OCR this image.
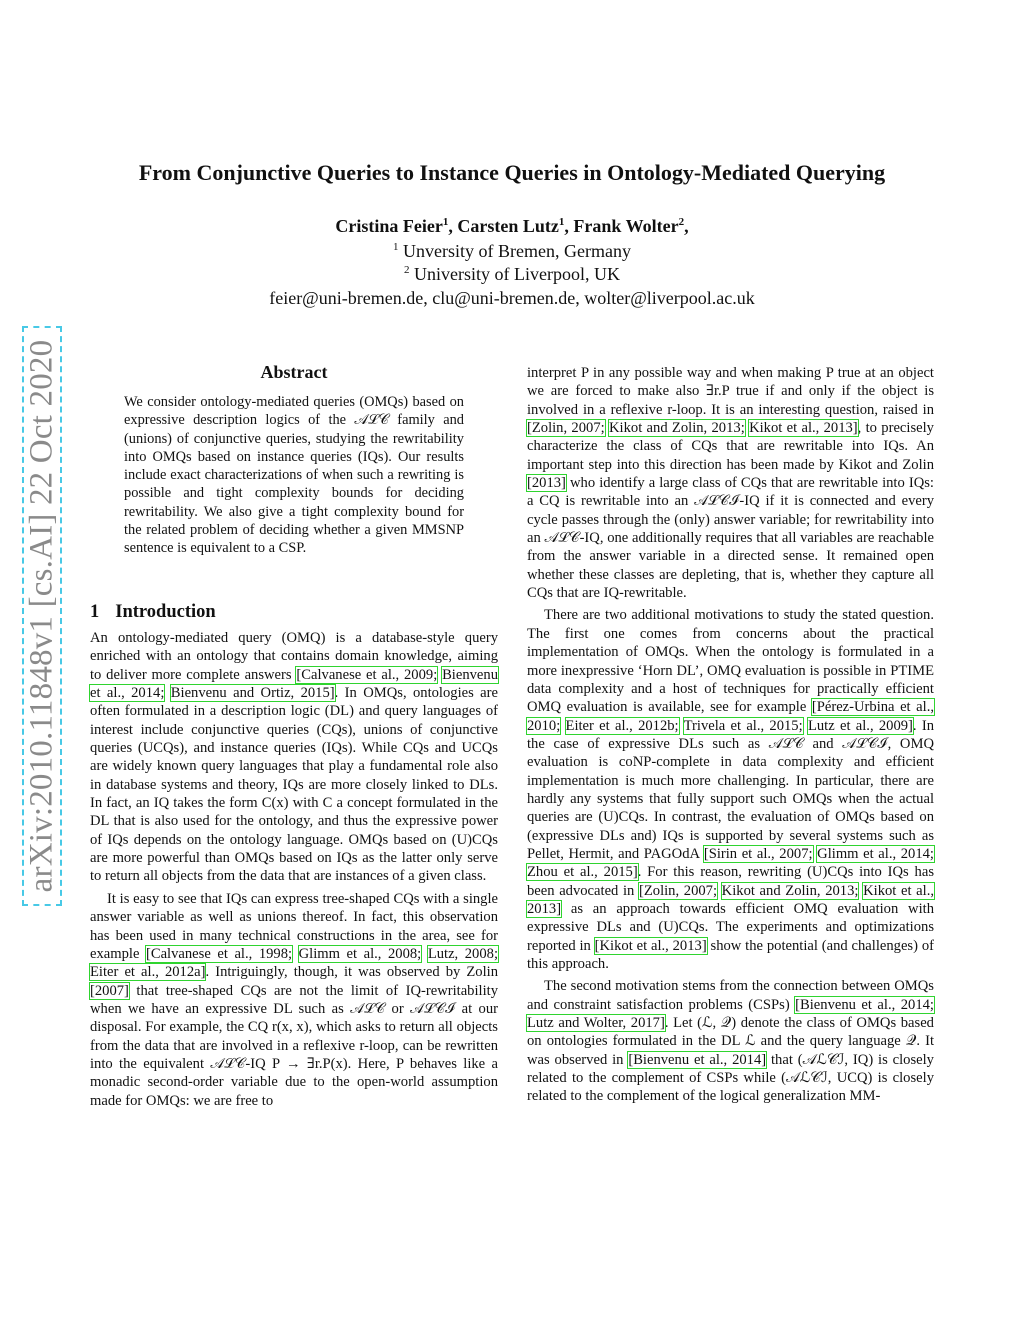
arXiv:2010.11848v1 [cs.AI] 22 Oct 2020
From Conjunctive Queries to Instance Queries in Ontology-Mediated Querying
Cristina Feier$^1$, Carsten Lutz$^1$, Frank Wolter$^2$,
$^1$ Unversity of Bremen, Germany
$^2$ University of Liverpool, UK
feier@uni-bremen.de, clu@uni-bremen.de, wolter@liverpool.ac.uk
Abstract
We consider ontology-mediated queries (OMQs) based on expressive description logics of the 𝒜ℒ𝒞 family and (unions) of conjunctive queries, studying the rewritability into OMQs based on instance queries (IQs). Our results include exact characterizations of when such a rewriting is possible and tight complexity bounds for deciding rewritability. We also give a tight complexity bound for the related problem of deciding whether a given MMSNP sentence is equivalent to a CSP.
1 Introduction

An ontology-mediated query (OMQ) is a database-style query enriched with an ontology that contains domain knowledge, aiming to deliver more complete answers [Calvanese et al., 2009; Bienvenu et al., 2014; Bienvenu and Ortiz, 2015]. In OMQs, ontologies are often formulated in a description logic (DL) and query languages of interest include conjunctive queries (CQs), unions of conjunctive queries (UCQs), and instance queries (IQs). While CQs and UCQs are widely known query languages that play a fundamental role also in database systems and theory, IQs are more closely linked to DLs. In fact, an IQ takes the form C(x) with C a concept formulated in the DL that is also used for the ontology, and thus the expressive power of IQs depends on the ontology language. OMQs based on (U)CQs are more powerful than OMQs based on IQs as the latter only serve to return all objects from the data that are instances of a given class.

It is easy to see that IQs can express tree-shaped CQs with a single answer variable as well as unions thereof. In fact, this observation has been used in many technical constructions in the area, see for example [Calvanese et al., 1998; Glimm et al., 2008; Lutz, 2008; Eiter et al., 2012a]. Intriguingly, though, it was observed by Zolin [2007] that tree-shaped CQs are not the limit of IQ-rewritability when we have an expressive DL such as 𝒜ℒ𝒞 or 𝒜ℒ𝒞ℐ at our disposal. For example, the CQ r(x, x), which asks to return all objects from the data that are involved in a reflexive r-loop, can be rewritten into the equivalent 𝒜ℒ𝒞-IQ P → ∃r.P(x). Here, P behaves like a monadic second-order variable due to the open-world assumption made for OMQs: we are free to

interpret P in any possible way and when making P true at an object we are forced to make also ∃r.P true if and only if the object is involved in a reflexive r-loop. It is an interesting question, raised in [Zolin, 2007; Kikot and Zolin, 2013; Kikot et al., 2013], to precisely characterize the class of CQs that are rewritable into IQs. An important step into this direction has been made by Kikot and Zolin [2013] who identify a large class of CQs that are rewritable into IQs: a CQ is rewritable into an 𝒜ℒ𝒞ℐ-IQ if it is connected and every cycle passes through the (only) answer variable; for rewritability into an 𝒜ℒ𝒞-IQ, one additionally requires that all variables are reachable from the answer variable in a directed sense. It remained open whether these classes are depleting, that is, whether they capture all CQs that are IQ-rewritable.

There are two additional motivations to study the stated question. The first one comes from concerns about the practical implementation of OMQs. When the ontology is formulated in a more inexpressive ‘Horn DL’, OMQ evaluation is possible in PTIME data complexity and a host of techniques for practically efficient OMQ evaluation is available, see for example [Pérez-Urbina et al., 2010; Eiter et al., 2012b; Trivela et al., 2015; Lutz et al., 2009]. In the case of expressive DLs such as 𝒜ℒ𝒞 and 𝒜ℒ𝒞ℐ, OMQ evaluation is coNP-complete in data complexity and efficient implementation is much more challenging. In particular, there are hardly any systems that fully support such OMQs when the actual queries are (U)CQs. In contrast, the evaluation of OMQs based on (expressive DLs and) IQs is supported by several systems such as Pellet, Hermit, and PAGOdA [Sirin et al., 2007; Glimm et al., 2014; Zhou et al., 2015]. For this reason, rewriting (U)CQs into IQs has been advocated in [Zolin, 2007; Kikot and Zolin, 2013; Kikot et al., 2013] as an approach towards efficient OMQ evaluation with expressive DLs and (U)CQs. The experiments and optimizations reported in [Kikot et al., 2013] show the potential (and challenges) of this approach.

The second motivation stems from the connection between OMQs and constraint satisfaction problems (CSPs) [Bienvenu et al., 2014; Lutz and Wolter, 2017]. Let (ℒ, 𝒬) denote the class of OMQs based on ontologies formulated in the DL ℒ and the query language 𝒬. It was observed in [Bienvenu et al., 2014] that (𝒜ℒ𝒞ℐ, IQ) is closely related to the complement of CSPs while (𝒜ℒ𝒞ℐ, UCQ) is closely related to the complement of the logical generalization MM-
